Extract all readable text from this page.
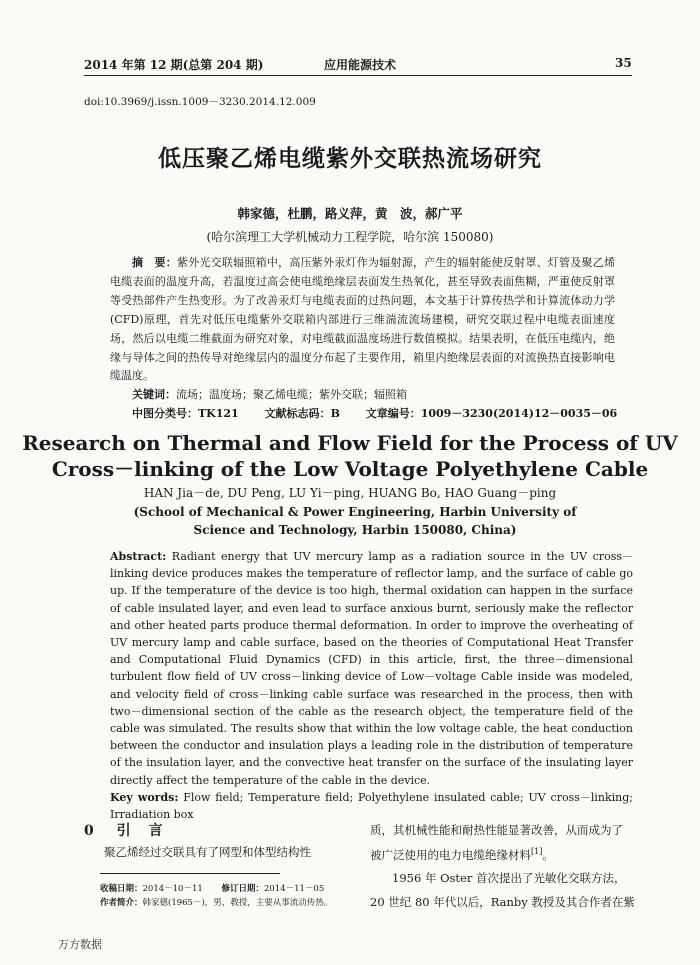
2014 年第 12 期(总第 204 期)	应用能源技术	35
doi:10.3969/j.issn.1009－3230.2014.12.009
低压聚乙烯电缆紫外交联热流场研究
韩家德，杜鹏，路义萍，黄　波，郝广平
(哈尔滨理工大学机械动力工程学院，哈尔滨 150080)
摘　要：紫外光交联辐照箱中，高压紫外汞灯作为辐射源，产生的辐射能使反射罩、灯管及聚乙烯电缆表面的温度升高，若温度过高会使电缆绝缘层表面发生热氧化，甚至导致表面焦糊，严重使反射罩等受热部件产生热变形。为了改善汞灯与电缆表面的过热问题，本文基于计算传热学和计算流体动力学(CFD)原理，首先对低压电缆紫外交联箱内部进行三维湍流流场建模，研究交联过程中电缆表面速度场，然后以电缆二维截面为研究对象，对电缆截面温度场进行数值模拟。结果表明，在低压电缆内，绝缘与导体之间的热传导对绝缘层内的温度分布起了主要作用，箱里内绝缘层表面的对流换热直接影响电缆温度。
关键词：流场；温度场；聚乙烯电缆；紫外交联；辐照箱
中图分类号：TK121 文献标志码：B 文章编号：1009－3230(2014)12－0035－06
Research on Thermal and Flow Field for the Process of UV
Cross－linking of the Low Voltage Polyethylene Cable
HAN Jia－de, DU Peng, LU Yi－ping, HUANG Bo, HAO Guang－ping
(School of Mechanical & Power Engineering, Harbin University of Science and Technology, Harbin 150080, China)
Abstract: Radiant energy that UV mercury lamp as a radiation source in the UV cross－linking device produces makes the temperature of reflector lamp, and the surface of cable go up. If the temperature of the device is too high, thermal oxidation can happen in the surface of cable insulated layer, and even lead to surface anxious burnt, seriously make the reflector and other heated parts produce thermal deformation. In order to improve the overheating of UV mercury lamp and cable surface, based on the theories of Computational Heat Transfer and Computational Fluid Dynamics (CFD) in this article, first, the three－dimensional turbulent flow field of UV cross－linking device of Low－voltage Cable inside was modeled, and velocity field of cross－linking cable surface was researched in the process, then with two－dimensional section of the cable as the research object, the temperature field of the cable was simulated. The results show that within the low voltage cable, the heat conduction between the conductor and insulation plays a leading role in the distribution of temperature of the insulation layer, and the convective heat transfer on the surface of the insulating layer directly affect the temperature of the cable in the device.
Key words: Flow field; Temperature field; Polyethylene insulated cable; UV cross－linking; Irradiation box
0 引　言
聚乙烯经过交联具有了网型和体型结构性
质，其机械性能和耐热性能显著改善，从而成为了
被广泛使用的电力电缆绝缘材料[1]。
1956 年 Oster 首次提出了光敏化交联方法，
20 世纪 80 年代以后，Ranby 教授及其合作者在紫
收稿日期：2014－10－11 修订日期：2014－11－05
作者简介：韩家德(1965－)，男，教授，主要从事流动传热。
万方数据
